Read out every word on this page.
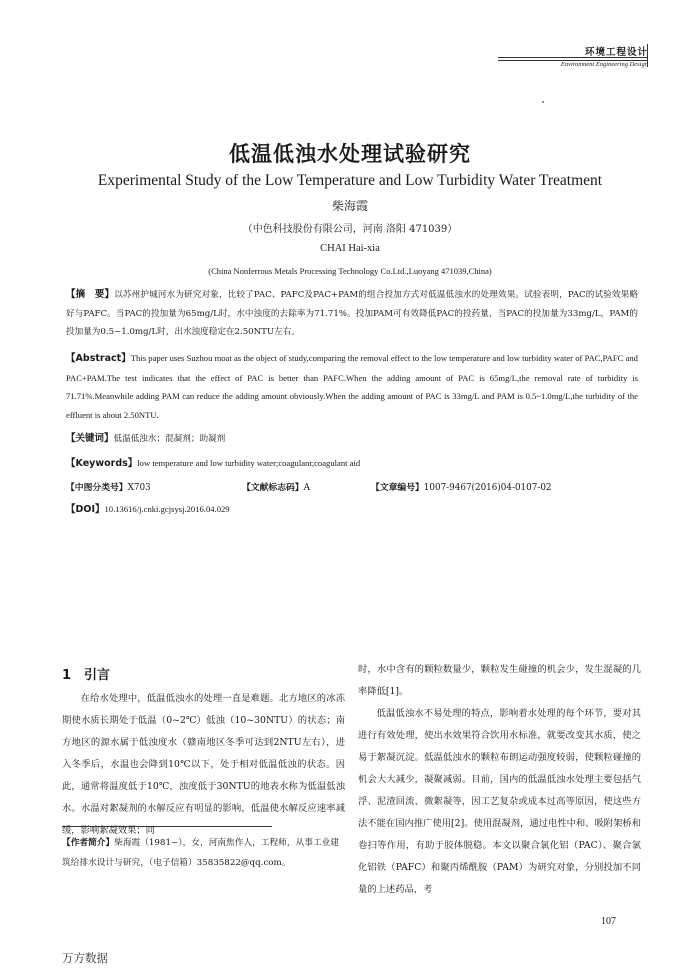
环境工程设计
Environment Engineering Design
低温低浊水处理试验研究
Experimental Study of the Low Temperature and Low Turbidity Water Treatment
柴海霞
（中色科技股份有限公司，河南 洛阳 471039）
CHAI Hai-xia
(China Nonferrous Metals Processing Technology Co.Ltd.,Luoyang 471039,China)
【摘　要】以苏州护城河水为研究对象，比较了PAC、PAFC及PAC+PAM的组合投加方式对低温低浊水的处理效果。试验表明，PAC的试验效果略好与PAFC。当PAC的投加量为65mg/L时，水中浊度的去除率为71.71%。投加PAM可有效降低PAC的投药量，当PAC的投加量为33mg/L，PAM的投加量为0.5~1.0mg/L时，出水浊度稳定在2.50NTU左右。
【Abstract】This paper uses Suzhou moat as the object of study,comparing the removal effect to the low temperature and low turbidity water of PAC,PAFC and PAC+PAM.The test indicates that the effect of PAC is better than PAFC.When the adding amount of PAC is 65mg/L,the removal rate of turbidity is 71.71%.Meanwhile adding PAM can reduce the adding amount obviously.When the adding amount of PAC is 33mg/L and PAM is 0.5~1.0mg/L,the turbidity of the effluent is about 2.50NTU.
【关键词】低温低浊水；混凝剂；助凝剂
【Keywords】low temperature and low turbidity water;coagulant;coagulant aid
【中图分类号】X703	【文献标志码】A	【文章编号】1007-9467(2016)04-0107-02
【DOI】10.13616/j.cnki.gcjsysj.2016.04.029
1　引言

在给水处理中，低温低浊水的处理一直是难题。北方地区的冰冻期使水质长期处于低温（0~2℃）低浊（10~30NTU）的状态；南方地区的源水属于低浊度水（赣南地区冬季可达到2NTU左右），进入冬季后，水温也会降到10℃以下，处于相对低温低浊的状态。因此，通常将温度低于10℃，浊度低于30NTU的地表水称为低温低浊水。水温对絮凝剂的水解反应有明显的影响，低温使水解反应速率减缓，影响絮凝效果；同

【作者简介】柴海霞（1981~），女，河南焦作人，工程师，从事工业建筑给排水设计与研究，（电子信箱）35835822@qq.com。

时，水中含有的颗粒数量少，颗粒发生碰撞的机会少，发生混凝的几率降低[1]。

低温低浊水不易处理的特点，影响着水处理的每个环节，要对其进行有效处理，使出水效果符合饮用水标准，就要改变其水质，使之易于絮凝沉淀。低温低浊水的颗粒布朗运动强度较弱，使颗粒碰撞的机会大大减少，凝聚减弱。目前，国内的低温低浊水处理主要包括气浮、泥渣回流、微絮凝等，因工艺复杂或成本过高等原因，使这些方法不能在国内推广使用[2]。使用混凝剂，通过电性中和、吸附架桥和卷扫等作用，有助于胶体脱稳。本文以聚合氯化铝（PAC）、聚合氯化铝铁（PAFC）和聚丙烯酰胺（PAM）为研究对象，分别投加不同量的上述药品，考

107
万方数据
